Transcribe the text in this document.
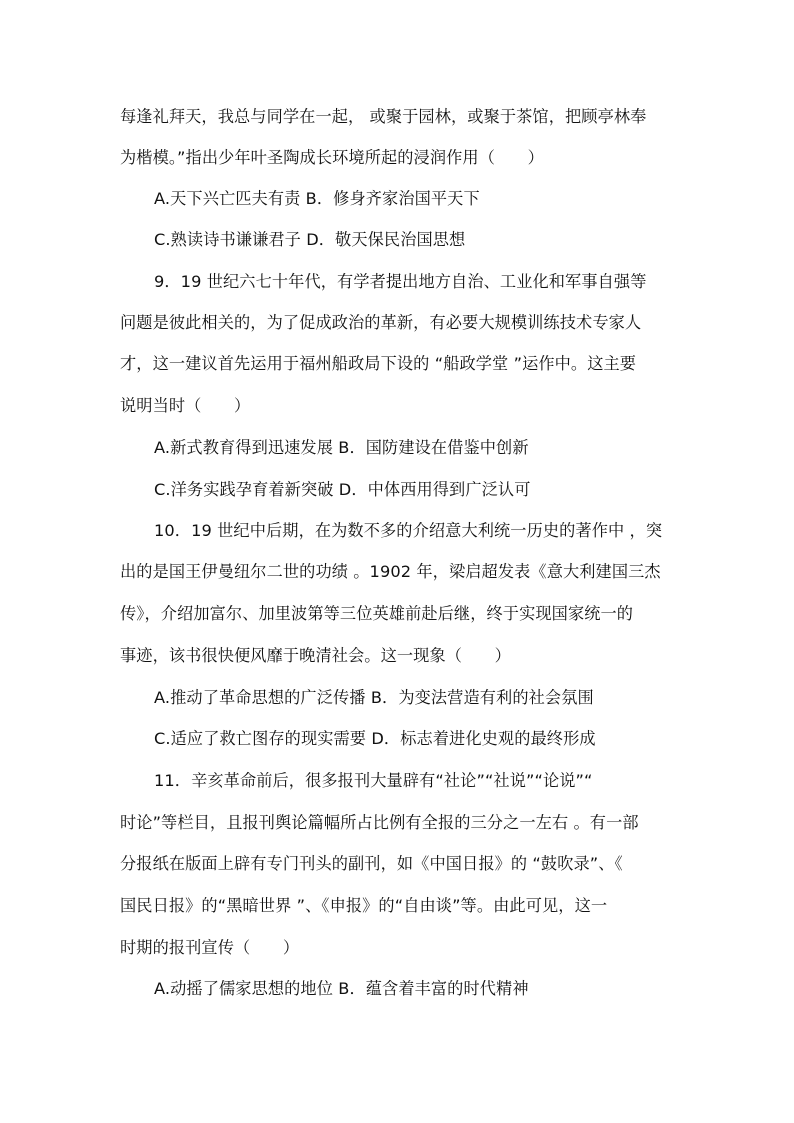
每逢礼拜天，我总与同学在一起， 或聚于园林，或聚于茶馆，把顾亭林奉
为楷模。”指出少年叶圣陶成长环境所起的浸润作用（　　）
A.天下兴亡匹夫有责 B．修身齐家治国平天下
C.熟读诗书谦谦君子 D．敬天保民治国思想
9．19 世纪六七十年代，有学者提出地方自治、工业化和军事自强等
问题是彼此相关的，为了促成政治的革新，有必要大规模训练技术专家人
才，这一建议首先运用于福州船政局下设的 “船政学堂 ”运作中。这主要
说明当时（　　）
A.新式教育得到迅速发展 B．国防建设在借鉴中创新
C.洋务实践孕育着新突破 D．中体西用得到广泛认可
10．19 世纪中后期，在为数不多的介绍意大利统一历史的著作中 ，突
出的是国王伊曼纽尔二世的功绩 。1902 年，梁启超发表《意大利建国三杰
传》，介绍加富尔、加里波第等三位英雄前赴后继，终于实现国家统一的
事迹，该书很快便风靡于晚清社会。这一现象（　　）
A.推动了革命思想的广泛传播 B．为变法营造有利的社会氛围
C.适应了救亡图存的现实需要 D．标志着进化史观的最终形成
11．辛亥革命前后，很多报刊大量辟有“社论”“社说”“论说”“
时论”等栏目，且报刊舆论篇幅所占比例有全报的三分之一左右 。有一部
分报纸在版面上辟有专门刊头的副刊，如《中国日报》的 “鼓吹录”、《
国民日报》的“黑暗世界 ”、《申报》的“自由谈”等。由此可见，这一
时期的报刊宣传（　　）
A.动摇了儒家思想的地位 B．蕴含着丰富的时代精神
